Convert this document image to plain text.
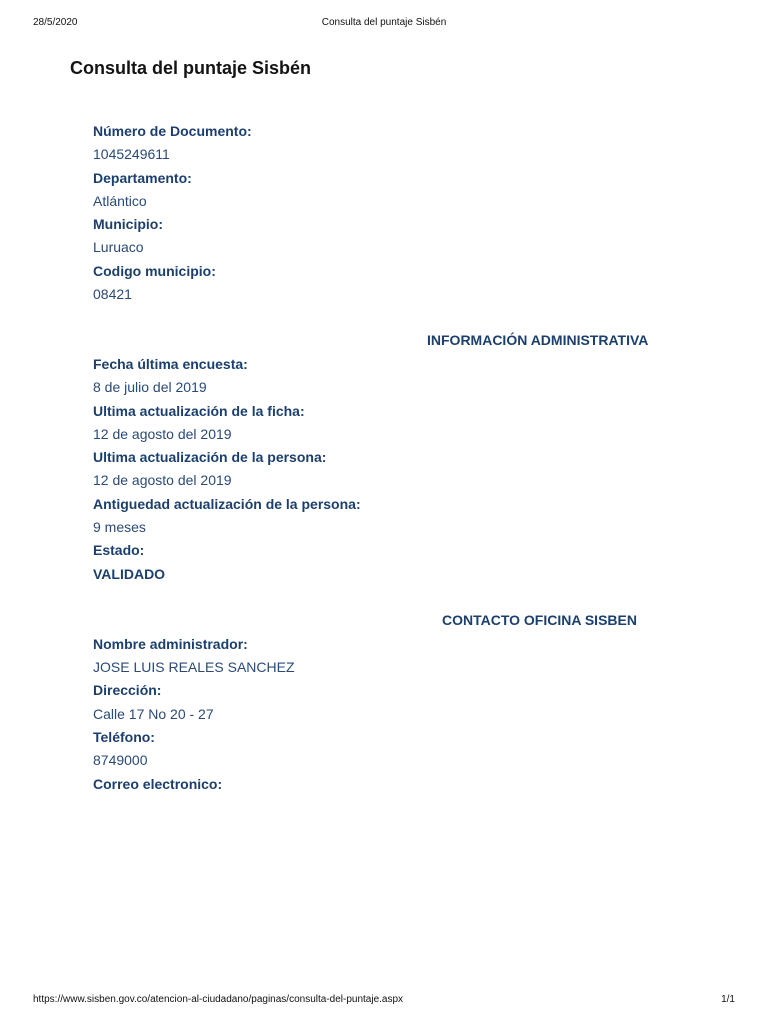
28/5/2020	Consulta del puntaje Sisbén
Consulta del puntaje Sisbén
Número de Documento:
1045249611
Departamento:
Atlántico
Municipio:
Luruaco
Codigo municipio:
08421
INFORMACIÓN ADMINISTRATIVA
Fecha última encuesta:
8 de julio del 2019
Ultima actualización de la ficha:
12 de agosto del 2019
Ultima actualización de la persona:
12 de agosto del 2019
Antiguedad actualización de la persona:
9 meses
Estado:
VALIDADO
CONTACTO OFICINA SISBEN
Nombre administrador:
JOSE LUIS REALES SANCHEZ
Dirección:
Calle 17 No 20 - 27
Teléfono:
8749000
Correo electronico:
https://www.sisben.gov.co/atencion-al-ciudadano/paginas/consulta-del-puntaje.aspx	1/1
